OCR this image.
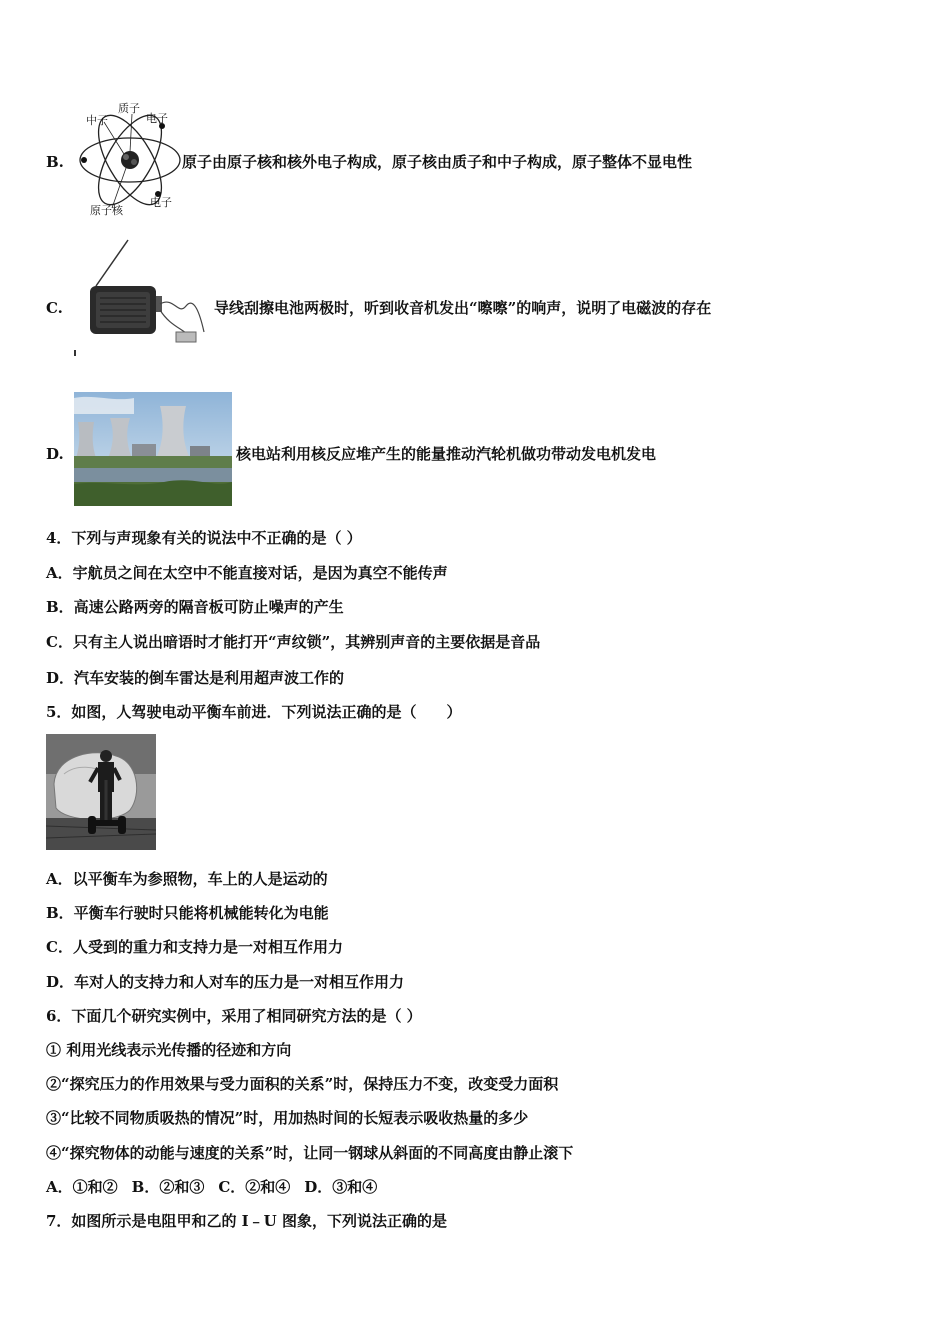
B.
中子
质子
电子
原子核
电子
原子由原子核和核外电子构成，原子核由质子和中子构成，原子整体不显电性
C.	导线刮擦电池两极时，听到收音机发出“嚓嚓”的响声，说明了电磁波的存在
D.	核电站利用核反应堆产生的能量推动汽轮机做功带动发电机发电
4．下列与声现象有关的说法中不正确的是（ ）
A．宇航员之间在太空中不能直接对话，是因为真空不能传声
B．高速公路两旁的隔音板可防止噪声的产生
C．只有主人说出暗语时才能打开“声纹锁”，其辨别声音的主要依据是音品
D．汽车安装的倒车雷达是利用超声波工作的
5．如图，人驾驶电动平衡车前进．下列说法正确的是（　　）
A．以平衡车为参照物，车上的人是运动的
B．平衡车行驶时只能将机械能转化为电能
C．人受到的重力和支持力是一对相互作用力
D．车对人的支持力和人对车的压力是一对相互作用力
6．下面几个研究实例中，采用了相同研究方法的是（ ）
① 利用光线表示光传播的径迹和方向
②“探究压力的作用效果与受力面积的关系”时，保持压力不变，改变受力面积
③“比较不同物质吸热的情况”时，用加热时间的长短表示吸收热量的多少
④“探究物体的动能与速度的关系”时，让同一钢球从斜面的不同高度由静止滚下
A．①和② B．②和③ C．②和④ D．③和④
7．如图所示是电阻甲和乙的 I﹣U 图象，下列说法正确的是
